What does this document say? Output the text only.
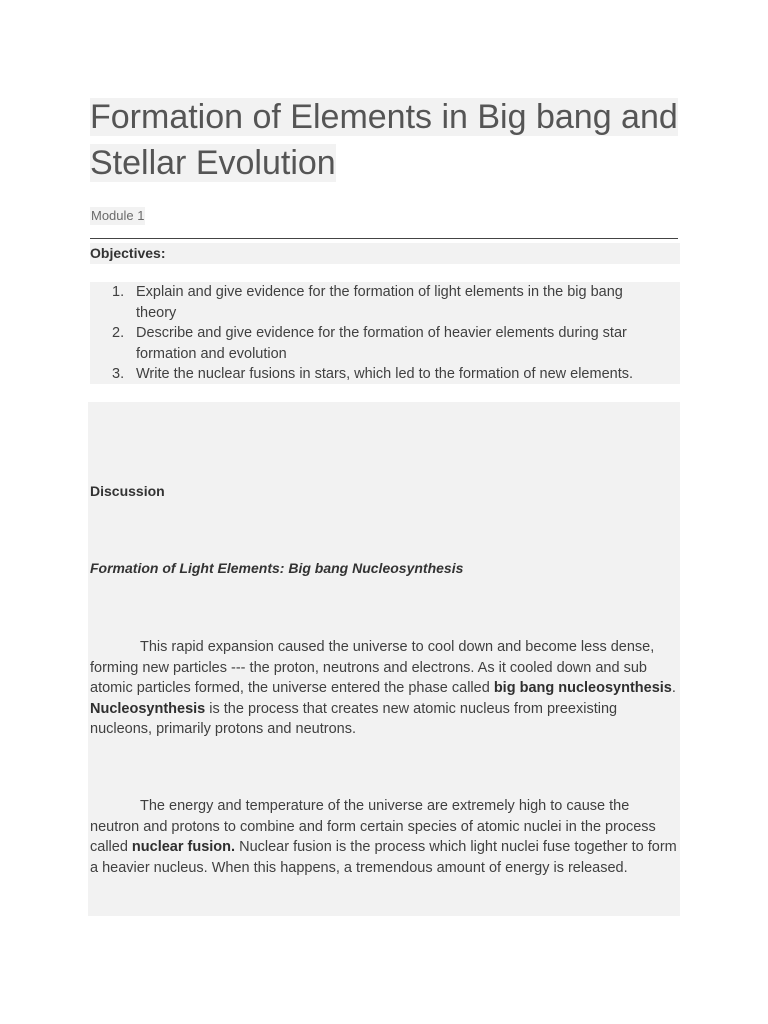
Formation of Elements in Big bang and
Stellar Evolution
Module 1
Objectives:
1. Explain and give evidence for the formation of light elements in the big bang theory
2. Describe and give evidence for the formation of heavier elements during star formation and evolution
3. Write the nuclear fusions in stars, which led to the formation of new elements.
Discussion
Formation of Light Elements: Big bang Nucleosynthesis

This rapid expansion caused the universe to cool down and become less dense, forming new particles --- the proton, neutrons and electrons. As it cooled down and sub atomic particles formed, the universe entered the phase called big bang nucleosynthesis. Nucleosynthesis is the process that creates new atomic nucleus from preexisting nucleons, primarily protons and neutrons.

The energy and temperature of the universe are extremely high to cause the neutron and protons to combine and form certain species of atomic nuclei in the process called nuclear fusion. Nuclear fusion is the process which light nuclei fuse together to form a heavier nucleus. When this happens, a tremendous amount of energy is released.
